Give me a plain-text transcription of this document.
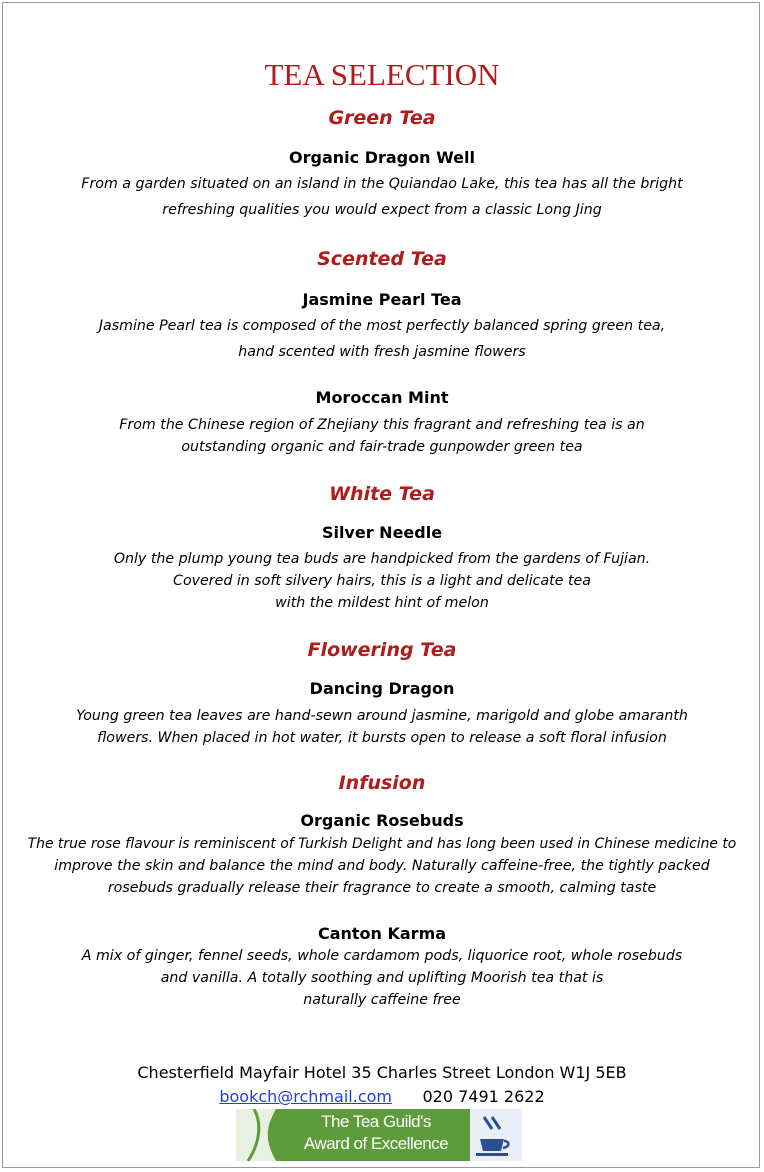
TEA SELECTION
Green Tea
Organic Dragon Well
From a garden situated on an island in the Quiandao Lake, this tea has all the bright
refreshing qualities you would expect from a classic Long Jing
Scented Tea
Jasmine Pearl Tea
Jasmine Pearl tea is composed of the most perfectly balanced spring green tea,
hand scented with fresh jasmine flowers
Moroccan Mint
From the Chinese region of Zhejiany this fragrant and refreshing tea is an
outstanding organic and fair-trade gunpowder green tea
White Tea
Silver Needle
Only the plump young tea buds are handpicked from the gardens of Fujian.
Covered in soft silvery hairs, this is a light and delicate tea
with the mildest hint of melon
Flowering Tea
Dancing Dragon
Young green tea leaves are hand-sewn around jasmine, marigold and globe amaranth
flowers. When placed in hot water, it bursts open to release a soft floral infusion
Infusion
Organic Rosebuds
The true rose flavour is reminiscent of Turkish Delight and has long been used in Chinese medicine to
improve the skin and balance the mind and body. Naturally caffeine-free, the tightly packed
rosebuds gradually release their fragrance to create a smooth, calming taste
Canton Karma
A mix of ginger, fennel seeds, whole cardamom pods, liquorice root, whole rosebuds
and vanilla. A totally soothing and uplifting Moorish tea that is
naturally caffeine free
Chesterfield Mayfair Hotel 35 Charles Street London W1J 5EB
bookch@rchmail.com 020 7491 2622
The Tea Guild's
Award of Excellence
